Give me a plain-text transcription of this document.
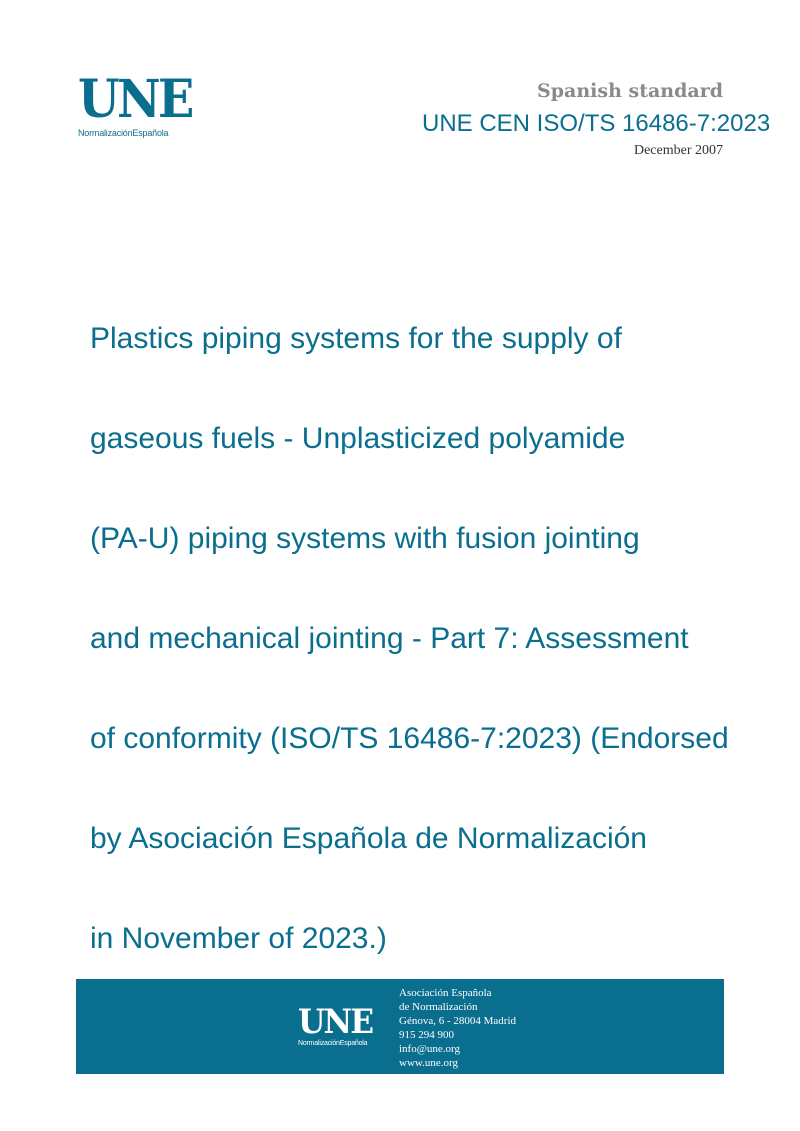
UNE
NormalizaciónEspañola
Spanish standard
UNE CEN ISO/TS 16486-7:2023
December 2007

Plastics piping systems for the supply of

gaseous fuels - Unplasticized polyamide

(PA-U) piping systems with fusion jointing

and mechanical jointing - Part 7: Assessment

of conformity (ISO/TS 16486-7:2023) (Endorsed

by Asociación Española de Normalización

in November of 2023.)

UNE
NormalizaciónEspañola
Asociación Española
de Normalización
Génova, 6 - 28004 Madrid
915 294 900
info@une.org
www.une.org
